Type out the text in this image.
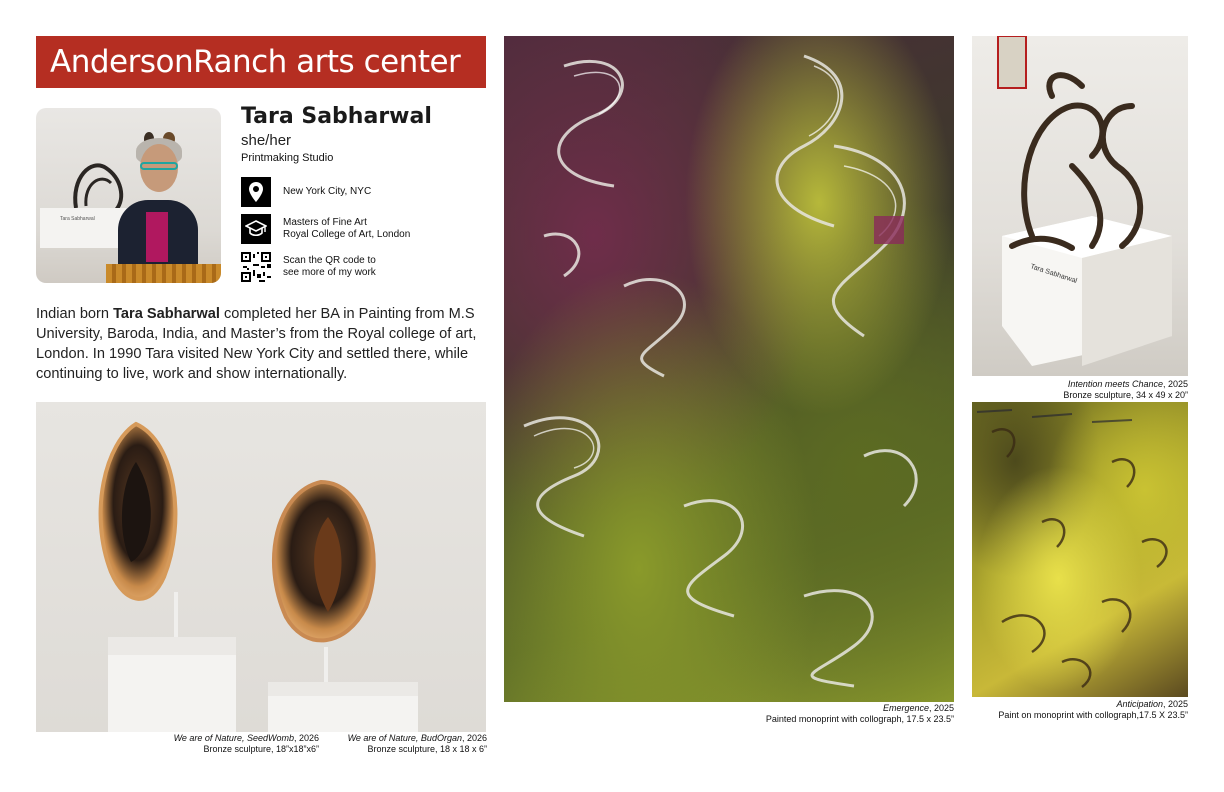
AndersonRanch arts center
Tara Sabharwal
Tara Sabharwal
she/her
Printmaking Studio
New York City, NYC
Masters of Fine Art
Royal College of Art, London
Scan the QR code to
see more of my work

Indian born Tara Sabharwal completed her BA in Painting from M.S University, Baroda, India, and Master’s from the Royal college of art, London. In 1990 Tara visited New York City and settled there, while continuing to live, work and show internationally.

We are of Nature, SeedWomb, 2026
Bronze sculpture, 18”x18”x6”
We are of Nature, BudOrgan, 2026
Bronze sculpture, 18 x 18 x 6”
Emergence, 2025
Painted monoprint with collograph, 17.5 x 23.5”
Tara Sabharwal
Intention meets Chance, 2025
Bronze sculpture, 34 x 49 x 20”
Anticipation, 2025
Paint on monoprint with collograph,17.5 X 23.5”
